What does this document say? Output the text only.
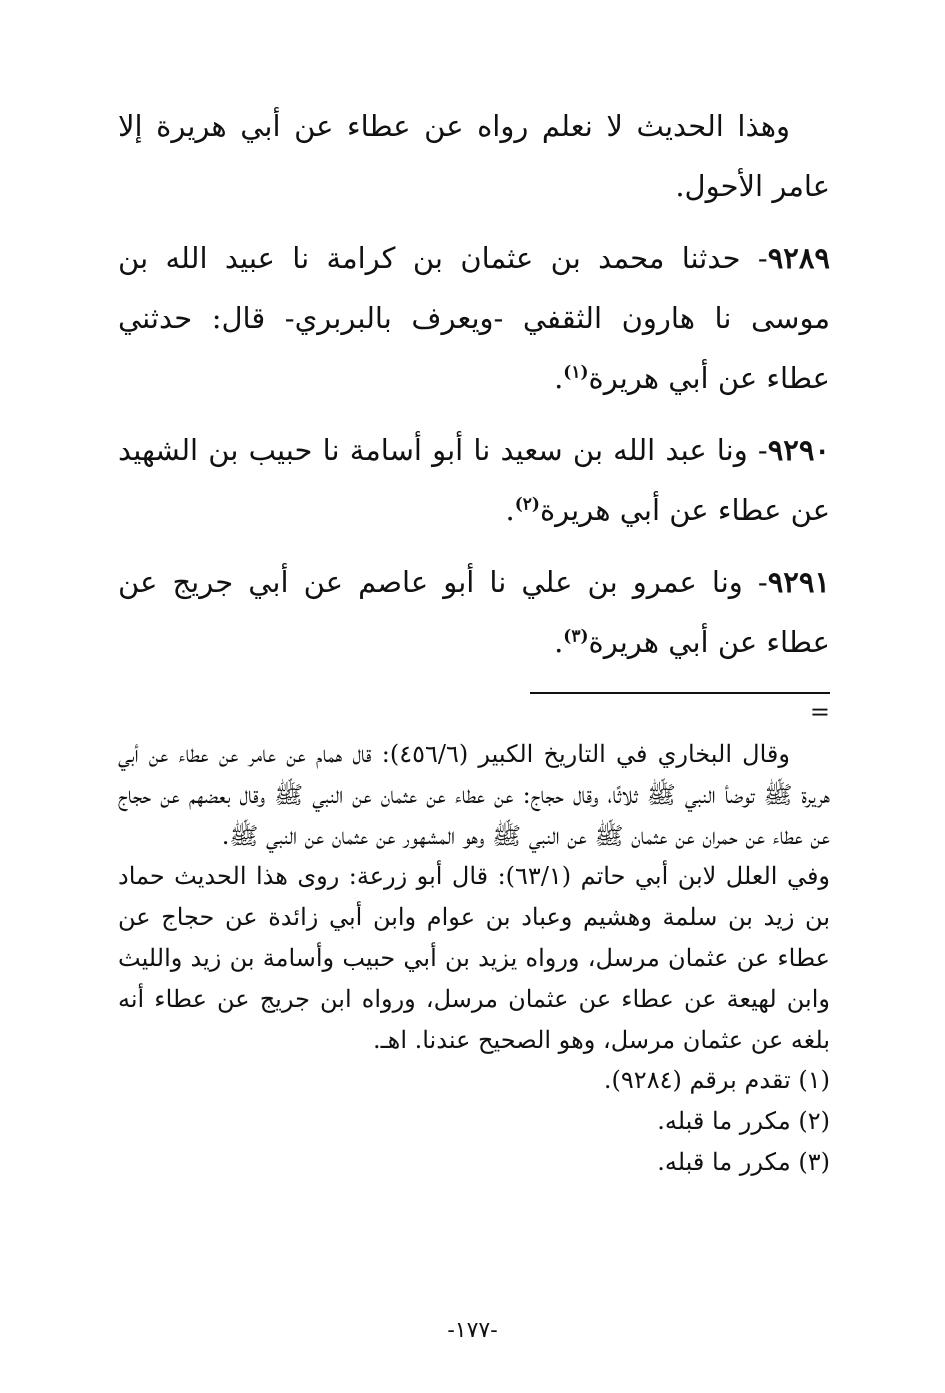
وهذا الحديث لا نعلم رواه عن عطاء عن أبي هريرة إلا عامر الأحول.

٩٢٨٩- حدثنا محمد بن عثمان بن كرامة نا عبيد الله بن موسى نا هارون الثقفي -ويعرف بالبربري- قال: حدثني عطاء عن أبي هريرة$^{(١)}$.

٩٢٩٠- ونا عبد الله بن سعيد نا أبو أسامة نا حبيب بن الشهيد عن عطاء عن أبي هريرة$^{(٢)}$.

٩٢٩١- ونا عمرو بن علي نا أبو عاصم عن أبي جريج عن عطاء عن أبي هريرة$^{(٣)}$.

=

وقال البخاري في التاريخ الكبير (٤٥٦/٦): قال همام عن عامر عن عطاء عن أبي هريرة ﷺ توضأ النبي ﷺ ثلاثًا، وقال حجاج: عن عطاء عن عثمان عن النبي ﷺ وقال بعضهم عن حجاج عن عطاء عن حمران عن عثمان ﷺ عن النبي ﷺ وهو المشهور عن عثمان عن النبي ﷺ.

وفي العلل لابن أبي حاتم (٦٣/١): قال أبو زرعة: روى هذا الحديث حماد بن زيد بن سلمة وهشيم وعباد بن عوام وابن أبي زائدة عن حجاج عن عطاء عن عثمان مرسل، ورواه يزيد بن أبي حبيب وأسامة بن زيد والليث وابن لهيعة عن عطاء عن عثمان مرسل، ورواه ابن جريج عن عطاء أنه بلغه عن عثمان مرسل، وهو الصحيح عندنا. اهـ.

(١) تقدم برقم (٩٢٨٤).

(٢) مكرر ما قبله.

(٣) مكرر ما قبله.

-١٧٧-
